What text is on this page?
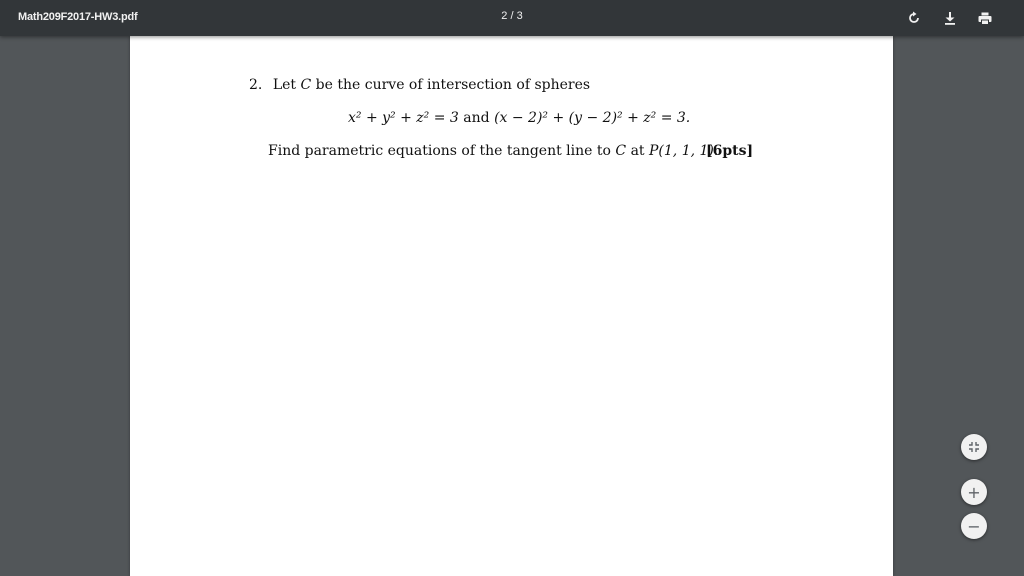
Math209F2017-HW3.pdf	2 / 3
2. Let C be the curve of intersection of spheres
x² + y² + z² = 3 and (x − 2)² + (y − 2)² + z² = 3.
Find parametric equations of the tangent line to C at P(1, 1, 1).
[6pts]
+
−
